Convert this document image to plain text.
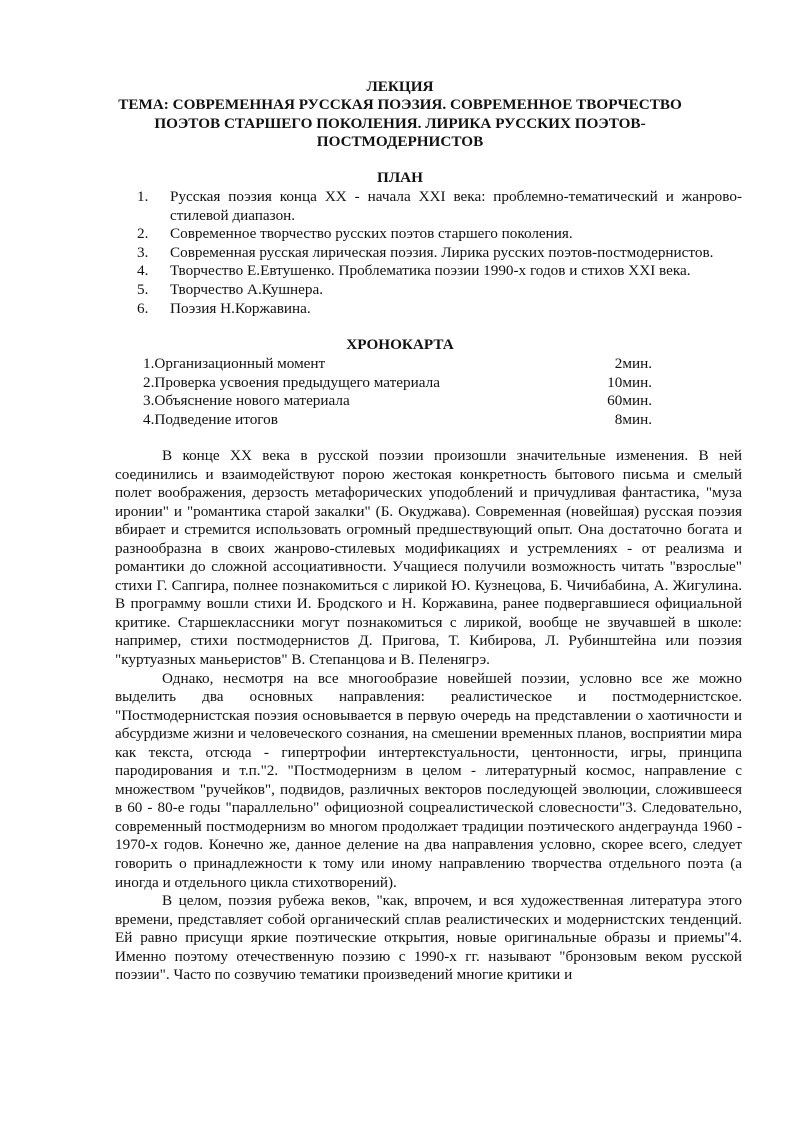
ЛЕКЦИЯ

ТЕМА: СОВРЕМЕННАЯ РУССКАЯ ПОЭЗИЯ. СОВРЕМЕННОЕ ТВОРЧЕСТВО

ПОЭТОВ СТАРШЕГО ПОКОЛЕНИЯ. ЛИРИКА РУССКИХ ПОЭТОВ-

ПОСТМОДЕРНИСТОВ

ПЛАН

1. Русская поэзия конца XX - начала XXI века: проблемно-тематический и жанрово-стилевой диапазон.
2. Современное творчество русских поэтов старшего поколения.
3. Современная русская лирическая поэзия. Лирика русских поэтов-постмодернистов.
4. Творчество Е.Евтушенко. Проблематика поэзии 1990-х годов и стихов XXI века.
5. Творчество А.Кушнера.
6. Поэзия Н.Коржавина.

ХРОНОКАРТА

1.Организационный момент	2мин.
2.Проверка усвоения предыдущего материала	10мин.
3.Объяснение нового материала	60мин.
4.Подведение итогов	8мин.

В конце XX века в русской поэзии произошли значительные изменения. В ней соединились и взаимодействуют порою жестокая конкретность бытового письма и смелый полет воображения, дерзость метафорических уподоблений и причудливая фантастика, "муза иронии" и "романтика старой закалки" (Б. Окуджава). Современная (новейшая) русская поэзия вбирает и стремится использовать огромный предшествующий опыт. Она достаточно богата и разнообразна в своих жанрово-стилевых модификациях и устремлениях - от реализма и романтики до сложной ассоциативности. Учащиеся получили возможность читать "взрослые" стихи Г. Сапгира, полнее познакомиться с лирикой Ю. Кузнецова, Б. Чичибабина, А. Жигулина. В программу вошли стихи И. Бродского и Н. Коржавина, ранее подвергавшиеся официальной критике. Старшеклассники могут познакомиться с лирикой, вообще не звучавшей в школе: например, стихи постмодернистов Д. Пригова, Т. Кибирова, Л. Рубинштейна или поэзия "куртуазных маньеристов" В. Степанцова и В. Пеленягрэ.

Однако, несмотря на все многообразие новейшей поэзии, условно все же можно выделить два основных направления: реалистическое и постмодернистское. "Постмодернистская поэзия основывается в первую очередь на представлении о хаотичности и абсурдизме жизни и человеческого сознания, на смешении временных планов, восприятии мира как текста, отсюда - гипертрофии интертекстуальности, центонности, игры, принципа пародирования и т.п."2. "Постмодернизм в целом - литературный космос, направление с множеством "ручейков", подвидов, различных векторов последующей эволюции, сложившееся в 60 - 80-е годы "параллельно" официозной соцреалистической словесности"3. Следовательно, современный постмодернизм во многом продолжает традиции поэтического андеграунда 1960 - 1970-х годов. Конечно же, данное деление на два направления условно, скорее всего, следует говорить о принадлежности к тому или иному направлению творчества отдельного поэта (а иногда и отдельного цикла стихотворений).

В целом, поэзия рубежа веков, "как, впрочем, и вся художественная литература этого времени, представляет собой органический сплав реалистических и модернистских тенденций. Ей равно присущи яркие поэтические открытия, новые оригинальные образы и приемы"4. Именно поэтому отечественную поэзию с 1990-х гг. называют "бронзовым веком русской поэзии". Часто по созвучию тематики произведений многие критики и
